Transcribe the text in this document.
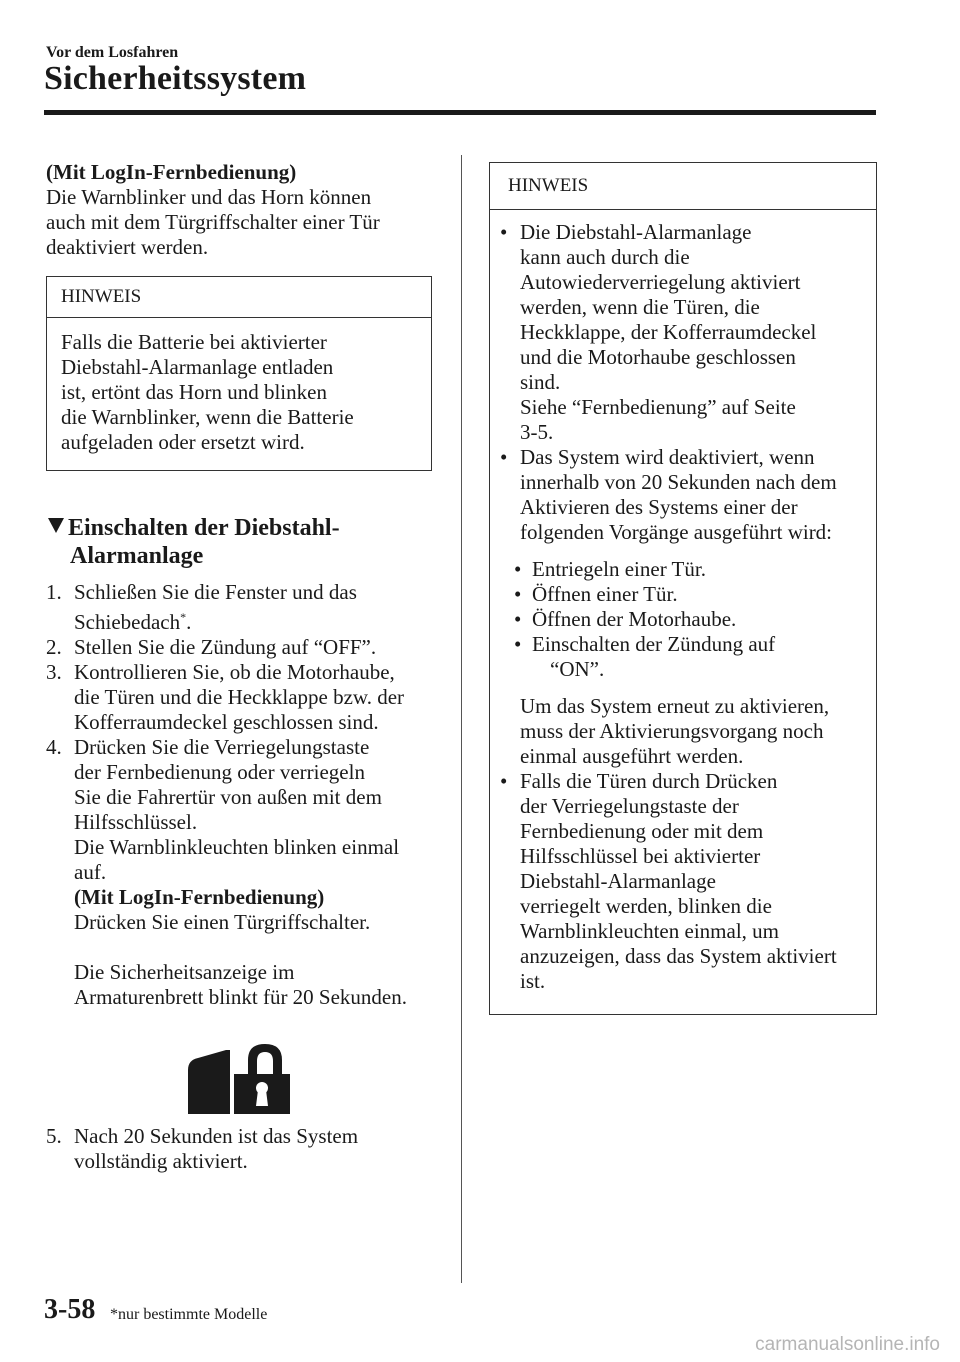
Vor dem Losfahren
Sicherheitssystem
(Mit LogIn-Fernbedienung)
Die Warnblinker und das Horn können
auch mit dem Türgriffschalter einer Tür
deaktiviert werden.
HINWEIS
Falls die Batterie bei aktivierter
Diebstahl-Alarmanlage entladen
ist, ertönt das Horn und blinken
die Warnblinker, wenn die Batterie
aufgeladen oder ersetzt wird.
Einschalten der Diebstahl-
Alarmanlage
1. Schließen Sie die Fenster und das
Schiebedach*.
2. Stellen Sie die Zündung auf “OFF”.
3. Kontrollieren Sie, ob die Motorhaube,
die Türen und die Heckklappe bzw. der
Kofferraumdeckel geschlossen sind.
4. Drücken Sie die Verriegelungstaste
der Fernbedienung oder verriegeln
Sie die Fahrertür von außen mit dem
Hilfsschlüssel.
Die Warnblinkleuchten blinken einmal
auf.
(Mit LogIn-Fernbedienung)
Drücken Sie einen Türgriffschalter.
Die Sicherheitsanzeige im
Armaturenbrett blinkt für 20 Sekunden.
5. Nach 20 Sekunden ist das System
vollständig aktiviert.
HINWEIS
• Die Diebstahl-Alarmanlage
kann auch durch die
Autowiederverriegelung aktiviert
werden, wenn die Türen, die
Heckklappe, der Kofferraumdeckel
und die Motorhaube geschlossen
sind.
Siehe “Fernbedienung” auf Seite
3-5.
• Das System wird deaktiviert, wenn
innerhalb von 20 Sekunden nach dem
Aktivieren des Systems einer der
folgenden Vorgänge ausgeführt wird:
• Entriegeln einer Tür.
• Öffnen einer Tür.
• Öffnen der Motorhaube.
• Einschalten der Zündung auf
“ON”.
Um das System erneut zu aktivieren,
muss der Aktivierungsvorgang noch
einmal ausgeführt werden.
• Falls die Türen durch Drücken
der Verriegelungstaste der
Fernbedienung oder mit dem
Hilfsschlüssel bei aktivierter
Diebstahl-Alarmanlage
verriegelt werden, blinken die
Warnblinkleuchten einmal, um
anzuzeigen, dass das System aktiviert
ist.
3-58 *nur bestimmte Modelle
carmanualsonline.info
